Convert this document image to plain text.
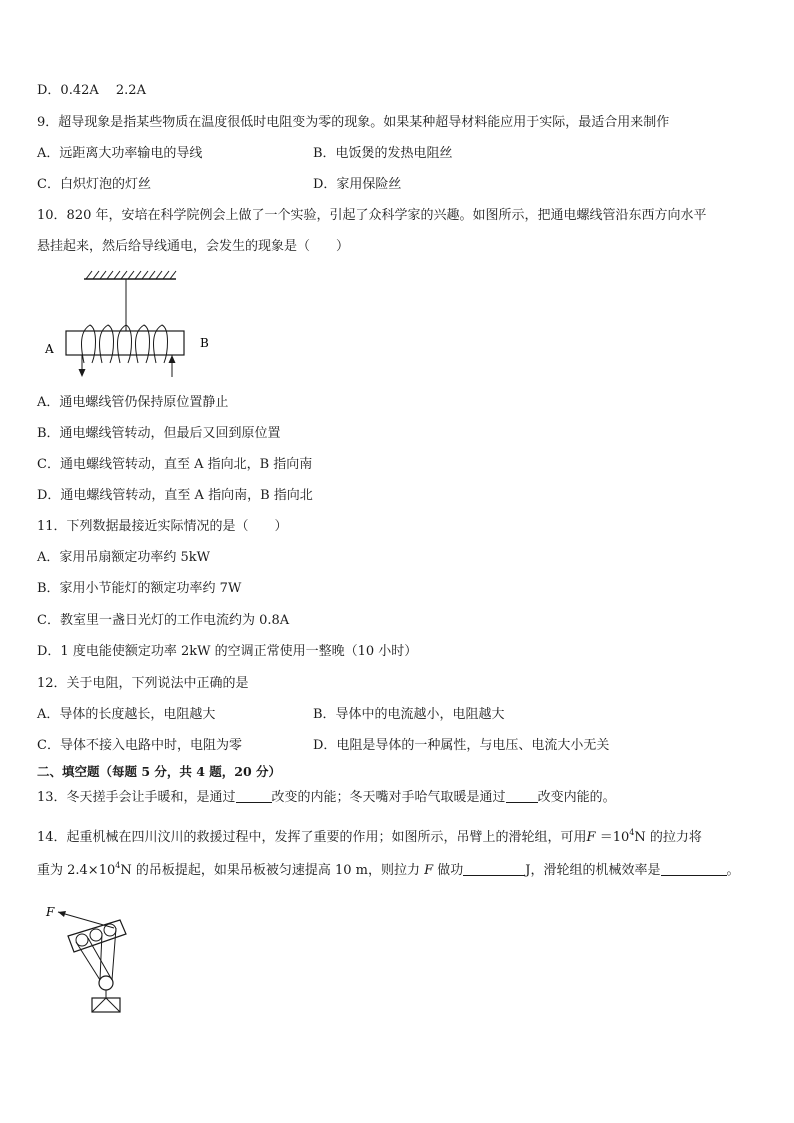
D．0.42A　 2.2A
9．超导现象是指某些物质在温度很低时电阻变为零的现象。如果某种超导材料能应用于实际，最适合用来制作
A．远距离大功率输电的导线	B．电饭煲的发热电阻丝
C．白炽灯泡的灯丝	D．家用保险丝
10．820 年，安培在科学院例会上做了一个实验，引起了众科学家的兴趣。如图所示，把通电螺线管沿东西方向水平
悬挂起来，然后给导线通电，会发生的现象是（　　）
A	B
A．通电螺线管仍保持原位置静止
B．通电螺线管转动，但最后又回到原位置
C．通电螺线管转动，直至 A 指向北，B 指向南
D．通电螺线管转动，直至 A 指向南，B 指向北
11．下列数据最接近实际情况的是（　　）
A．家用吊扇额定功率约 5kW
B．家用小节能灯的额定功率约 7W
C．教室里一盏日光灯的工作电流约为 0.8A
D．1 度电能使额定功率 2kW 的空调正常使用一整晚（10 小时）
12．关于电阻，下列说法中正确的是
A．导体的长度越长，电阻越大	B．导体中的电流越小，电阻越大
C．导体不接入电路中时，电阻为零	D．电阻是导体的一种属性，与电压、电流大小无关
二、填空题（每题 5 分，共 4 题，20 分）
13．冬天搓手会让手暖和，是通过	改变的内能；冬天嘴对手哈气取暖是通过 改变内能的。
14．起重机械在四川汶川的救援过程中，发挥了重要的作用；如图所示，吊臂上的滑轮组，可用$F =10^4N$ 的拉力将
重为 $2.4\times 10^4N$ 的吊板提起，如果吊板被匀速提高 10 m，则拉力 F 做功	J，滑轮组的机械效率是	。
F
